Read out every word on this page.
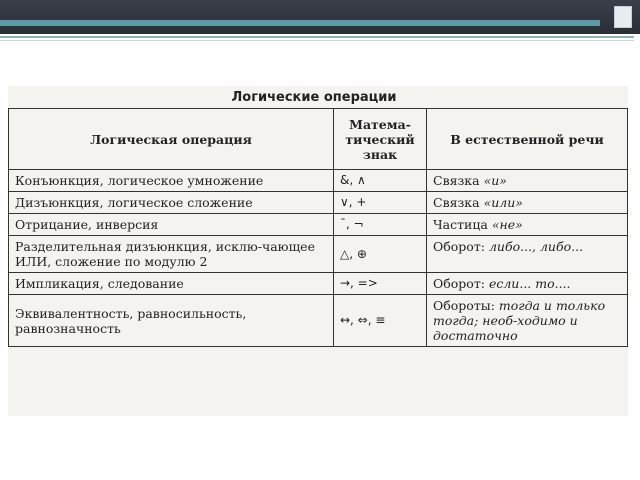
Логические операции
Логическая операция	Матема-тический знак	В естественной речи
Конъюнкция, логическое умножение	&, ∧	Связка «и»
Дизъюнкция, логическое сложение	∨, +	Связка «или»
Отрицание, инверсия	¯, ¬	Частица «не»
Разделительная дизъюнкция, исклю-чающее ИЛИ, сложение по модулю 2	△, ⊕	Оборот: либо..., либо...
Импликация, следование	→, =>	Оборот: если... то....
Эквивалентность, равносильность, равнозначность	↔, ⇔, ≡	Обороты: тогда и только тогда; необ-ходимо и достаточно
